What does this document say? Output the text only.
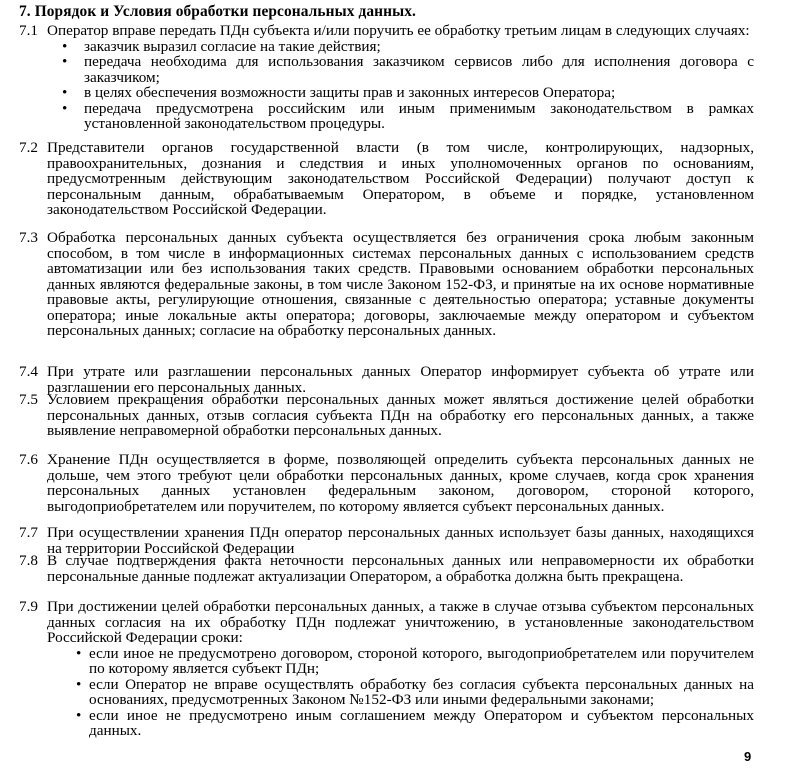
7. Порядок и Условия обработки персональных данных.
7.1 Оператор вправе передать ПДн субъекта и/или поручить ее обработку третьим лицам в следующих случаях:
• заказчик выразил согласие на такие действия;
• передача необходима для использования заказчиком сервисов либо для исполнения договора с заказчиком;
• в целях обеспечения возможности защиты прав и законных интересов Оператора;
• передача предусмотрена российским или иным применимым законодательством в рамках установленной законодательством процедуры.
7.2 Представители органов государственной власти (в том числе, контролирующих, надзорных, правоохранительных, дознания и следствия и иных уполномоченных органов по основаниям, предусмотренным действующим законодательством Российской Федерации) получают доступ к персональным данным, обрабатываемым Оператором, в объеме и порядке, установленном законодательством Российской Федерации.
7.3 Обработка персональных данных субъекта осуществляется без ограничения срока любым законным способом, в том числе в информационных системах персональных данных с использованием средств автоматизации или без использования таких средств. Правовыми основанием обработки персональных данных являются федеральные законы, в том числе Законом 152-ФЗ, и принятые на их основе нормативные правовые акты, регулирующие отношения, связанные с деятельностью оператора; уставные документы оператора; иные локальные акты оператора; договоры, заключаемые между оператором и субъектом персональных данных; согласие на обработку персональных данных.
7.4 При утрате или разглашении персональных данных Оператор информирует субъекта об утрате или разглашении его персональных данных.
7.5 Условием прекращения обработки персональных данных может являться достижение целей обработки персональных данных, отзыв согласия субъекта ПДн на обработку его персональных данных, а также выявление неправомерной обработки персональных данных.
7.6 Хранение ПДн осуществляется в форме, позволяющей определить субъекта персональных данных не дольше, чем этого требуют цели обработки персональных данных, кроме случаев, когда срок хранения персональных данных установлен федеральным законом, договором, стороной которого, выгодоприобретателем или поручителем, по которому является субъект персональных данных.
7.7 При осуществлении хранения ПДн оператор персональных данных использует базы данных, находящихся на территории Российской Федерации
7.8 В случае подтверждения факта неточности персональных данных или неправомерности их обработки персональные данные подлежат актуализации Оператором, а обработка должна быть прекращена.
7.9 При достижении целей обработки персональных данных, а также в случае отзыва субъектом персональных данных согласия на их обработку ПДн подлежат уничтожению, в установленные законодательством Российской Федерации сроки:
• если иное не предусмотрено договором, стороной которого, выгодоприобретателем или поручителем по которому является субъект ПДн;
• если Оператор не вправе осуществлять обработку без согласия субъекта персональных данных на основаниях, предусмотренных Законом №152-ФЗ или иными федеральными законами;
• если иное не предусмотрено иным соглашением между Оператором и субъектом персональных данных.
9
